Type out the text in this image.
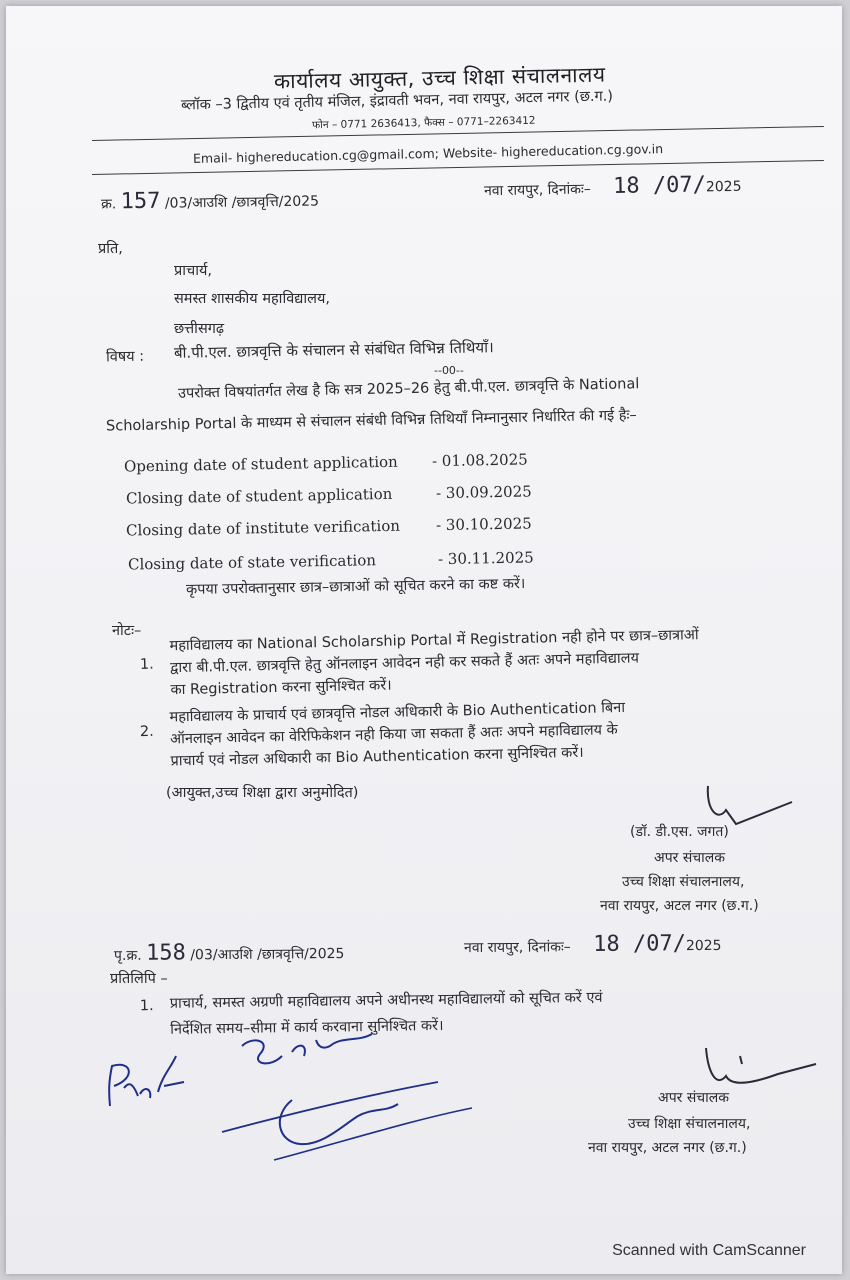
कार्यालय आयुक्त, उच्च शिक्षा संचालनालय
ब्लॉक –3 द्वितीय एवं तृतीय मंजिल, इंद्रावती भवन, नवा रायपुर, अटल नगर (छ.ग.)
फोन – 0771 2636413, फैक्स – 0771–2263412
Email- highereducation.cg@gmail.com; Website- highereducation.cg.gov.in
क्र. 157 /03/आउशि /छात्रवृत्ति/2025
नवा रायपुर, दिनांकः– 18 /07/2025
प्रति,
प्राचार्य,
समस्त शासकीय महाविद्यालय,
छत्तीसगढ़
विषय : बी.पी.एल. छात्रवृत्ति के संचालन से संबंधित विभिन्न तिथियाँ।
--00--
उपरोक्त विषयांतर्गत लेख है कि सत्र 2025–26 हेतु बी.पी.एल. छात्रवृत्ति के National
Scholarship Portal के माध्यम से संचालन संबंधी विभिन्न तिथियाँ निम्नानुसार निर्धारित की गई हैः–
Opening date of student application - 01.08.2025
Closing date of student application	- 30.09.2025
Closing date of institute verification - 30.10.2025
Closing date of state verification	- 30.11.2025
कृपया उपरोक्तानुसार छात्र–छात्राओं को सूचित करने का कष्ट करें।
नोटः–
1.
महाविद्यालय का National Scholarship Portal में Registration नही होने पर छात्र–छात्राओं
द्वारा बी.पी.एल. छात्रवृत्ति हेतु ऑनलाइन आवेदन नही कर सकते हैं अतः अपने महाविद्यालय
का Registration करना सुनिश्चित करें।
2.
महाविद्यालय के प्राचार्य एवं छात्रवृत्ति नोडल अधिकारी के Bio Authentication बिना
ऑनलाइन आवेदन का वेरिफिकेशन नही किया जा सकता हैं अतः अपने महाविद्यालय के
प्राचार्य एवं नोडल अधिकारी का Bio Authentication करना सुनिश्चित करें।
(आयुक्त,उच्च शिक्षा द्वारा अनुमोदित)
(डॉ. डी.एस. जगत)
अपर संचालक
उच्च शिक्षा संचालनालय,
नवा रायपुर, अटल नगर (छ.ग.)
पृ.क्र. 158 /03/आउशि /छात्रवृत्ति/2025	नवा रायपुर, दिनांकः– 18 /07/2025
प्रतिलिपि –
1. प्राचार्य, समस्त अग्रणी महाविद्यालय अपने अधीनस्थ महाविद्यालयों को सूचित करें एवं
निर्देशित समय–सीमा में कार्य करवाना सुनिश्चित करें।
अपर संचालक
उच्च शिक्षा संचालनालय,
नवा रायपुर, अटल नगर (छ.ग.)
Scanned with CamScanner
